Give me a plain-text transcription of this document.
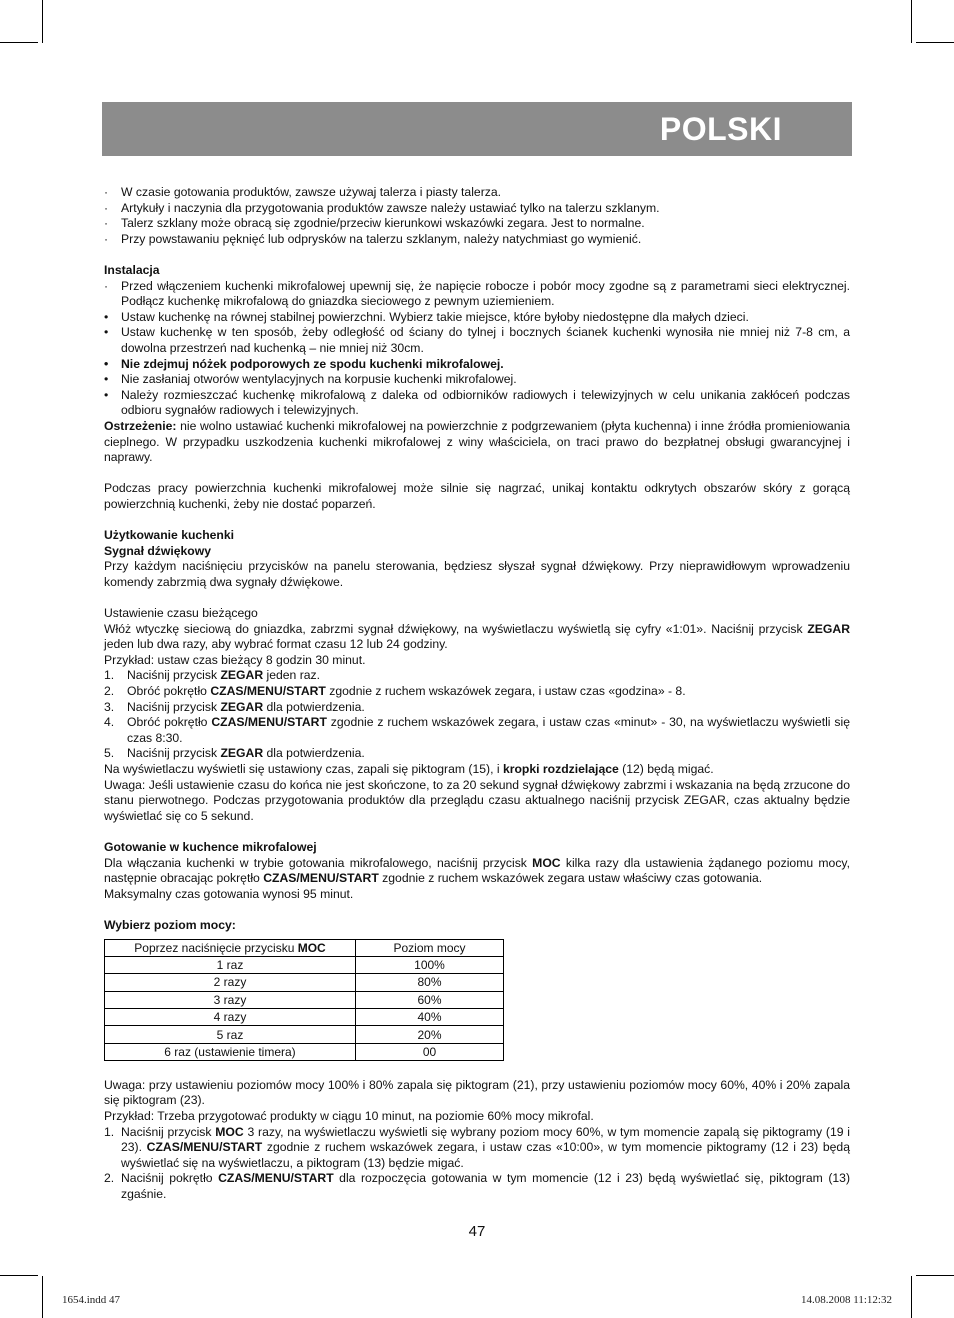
POLSKI
· W czasie gotowania produktów, zawsze używaj talerza i piasty talerza.
· Artykuły i naczynia dla przygotowania produktów zawsze należy ustawiać tylko na talerzu szklanym.
· Talerz szklany może obracą się zgodnie/przeciw kierunkowi wskazówki zegara. Jest to normalne.
· Przy powstawaniu pęknięć lub odprysków na talerzu szklanym, należy natychmiast go wymienić.

Instalacja

· Przed włączeniem kuchenki mikrofalowej upewnij się, że napięcie robocze i pobór mocy zgodne są z parametrami sieci elektrycznej. Podłącz kuchenkę mikrofalową do gniazdka sieciowego z pewnym uziemieniem.
• Ustaw kuchenkę na równej stabilnej powierzchni. Wybierz takie miejsce, które byłoby niedostępne dla małych dzieci.
• Ustaw kuchenkę w ten sposób, żeby odległość od ściany do tylnej i bocznych ścianek kuchenki wynosiła nie mniej niż 7-8 cm, a dowolna przestrzeń nad kuchenką – nie mniej niż 30cm.
• Nie zdejmuj nóżek podporowych ze spodu kuchenki mikrofalowej.
• Nie zasłaniaj otworów wentylacyjnych na korpusie kuchenki mikrofalowej.
• Należy rozmieszczać kuchenkę mikrofalową z daleka od odbiorników radiowych i telewizyjnych w celu unikania zakłóceń podczas odbioru sygnałów radiowych i telewizyjnych.

Ostrzeżenie: nie wolno ustawiać kuchenki mikrofalowej na powierzchnie z podgrzewaniem (płyta kuchenna) i inne źródła promieniowania cieplnego. W przypadku uszkodzenia kuchenki mikrofalowej z winy właściciela, on traci prawo do bezpłatnej obsługi gwarancyjnej i naprawy.

Podczas pracy powierzchnia kuchenki mikrofalowej może silnie się nagrzać, unikaj kontaktu odkrytych obszarów skóry z gorącą powierzchnią kuchenki, żeby nie dostać poparzeń.

Użytkowanie kuchenki

Sygnał dźwiękowy

Przy każdym naciśnięciu przycisków na panelu sterowania, będziesz słyszał sygnał dźwiękowy. Przy nieprawidłowym wprowadzeniu komendy zabrzmią dwa sygnały dźwiękowe.

Ustawienie czasu bieżącego

Włóż wtyczkę sieciową do gniazdka, zabrzmi sygnał dźwiękowy, na wyświetlaczu wyświetlą się cyfry «1:01». Naciśnij przycisk ZEGAR jeden lub dwa razy, aby wybrać format czasu 12 lub 24 godziny.

Przykład: ustaw czas bieżący 8 godzin 30 minut.

1. Naciśnij przycisk ZEGAR jeden raz.
2. Obróć pokrętło CZAS/MENU/START zgodnie z ruchem wskazówek zegara, i ustaw czas «godzina» - 8.
3. Naciśnij przycisk ZEGAR dla potwierdzenia.
4. Obróć pokrętło CZAS/MENU/START zgodnie z ruchem wskazówek zegara, i ustaw czas «minut» - 30, na wyświetlaczu wyświetli się czas 8:30.
5. Naciśnij przycisk ZEGAR dla potwierdzenia.

Na wyświetlaczu wyświetli się ustawiony czas, zapali się piktogram (15), i kropki rozdzielające (12) będą migać.

Uwaga: Jeśli ustawienie czasu do końca nie jest skończone, to za 20 sekund sygnał dźwiękowy zabrzmi i wskazania na będą zrzucone do stanu pierwotnego. Podczas przygotowania produktów dla przeglądu czasu aktualnego naciśnij przycisk ZEGAR, czas aktualny będzie wyświetlać się co 5 sekund.

Gotowanie w kuchence mikrofalowej

Dla włączania kuchenki w trybie gotowania mikrofalowego, naciśnij przycisk MOC kilka razy dla ustawienia żądanego poziomu mocy, następnie obracając pokrętło CZAS/MENU/START zgodnie z ruchem wskazówek zegara ustaw właściwy czas gotowania.

Maksymalny czas gotowania wynosi 95 minut.

Wybierz poziom mocy:

Poprzez naciśnięcie przycisku MOC	Poziom mocy
1 raz	100%
2 razy	80%
3 razy	60%
4 razy	40%
5 raz	20%
6 raz (ustawienie timera)	00

Uwaga: przy ustawieniu poziomów mocy 100% i 80% zapala się piktogram (21), przy ustawieniu poziomów mocy 60%, 40% i 20% zapala się piktogram (23).

Przykład: Trzeba przygotować produkty w ciągu 10 minut, na poziomie 60% mocy mikrofal.

1. Naciśnij przycisk MOC 3 razy, na wyświetlaczu wyświetli się wybrany poziom mocy 60%, w tym momencie zapalą się piktogramy (19 i 23). CZAS/MENU/START zgodnie z ruchem wskazówek zegara, i ustaw czas «10:00», w tym momencie piktogramy (12 i 23) będą wyświetlać się na wyświetlaczu, a piktogram (13) będzie migać.
2. Naciśnij pokrętło CZAS/MENU/START dla rozpoczęcia gotowania w tym momencie (12 i 23) będą wyświetlać się, piktogram (13) zgaśnie.
47
1654.indd 47	14.08.2008 11:12:32
